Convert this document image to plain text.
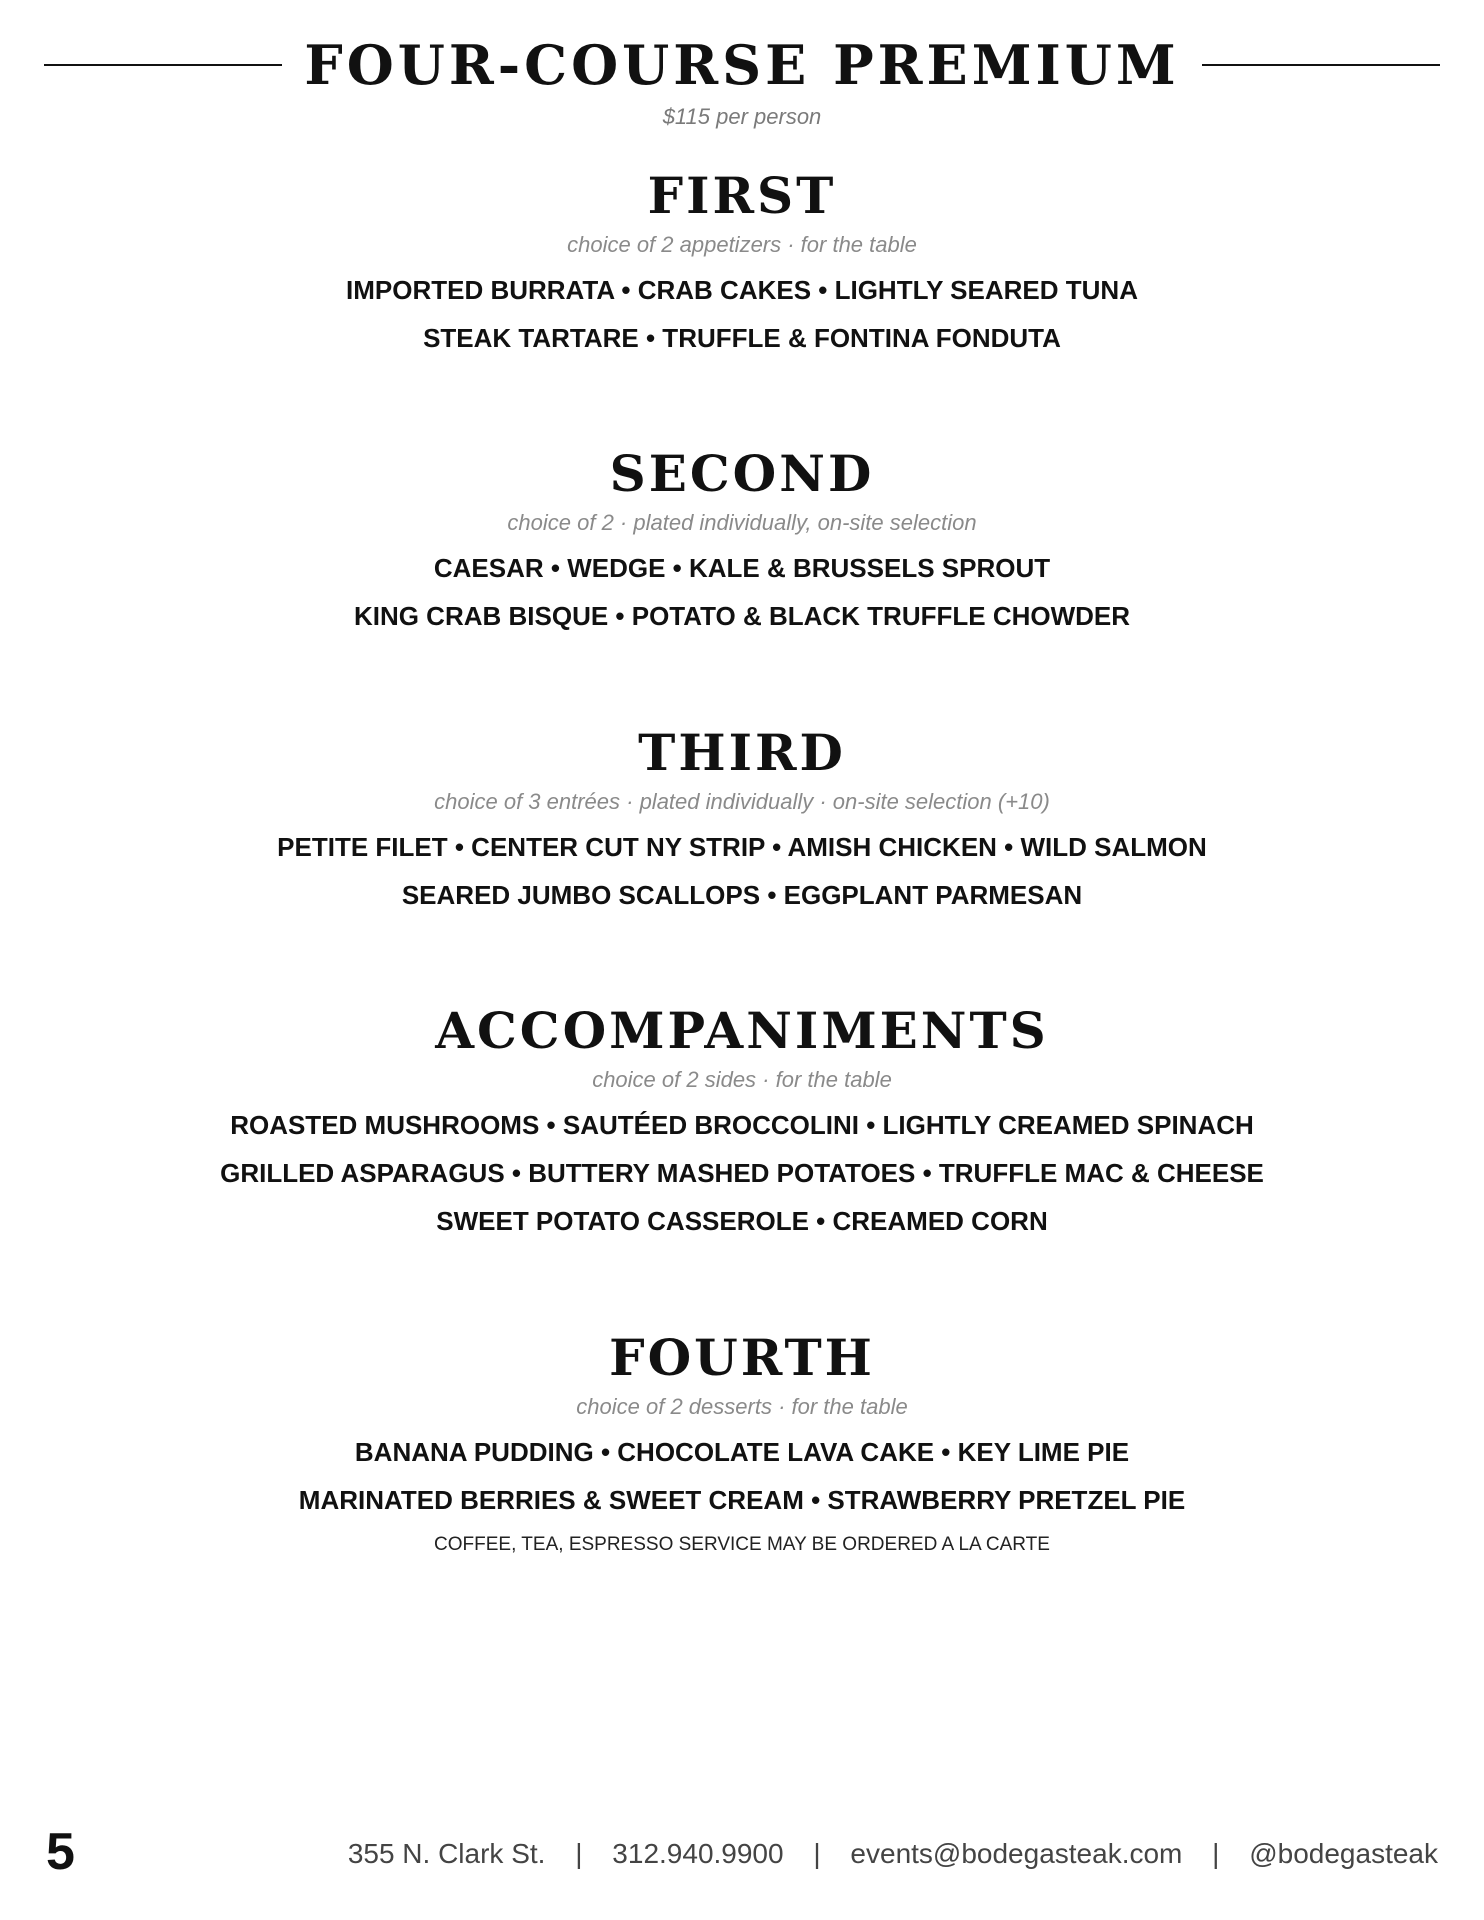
FOUR-COURSE PREMIUM
$115 per person
FIRST
choice of 2 appetizers · for the table
IMPORTED BURRATA • CRAB CAKES • LIGHTLY SEARED TUNA
STEAK TARTARE • TRUFFLE & FONTINA FONDUTA
SECOND
choice of 2 · plated individually, on-site selection
CAESAR • WEDGE • KALE & BRUSSELS SPROUT
KING CRAB BISQUE • POTATO & BLACK TRUFFLE CHOWDER
THIRD
choice of 3 entrées · plated individually · on-site selection (+10)
PETITE FILET • CENTER CUT NY STRIP • AMISH CHICKEN • WILD SALMON
SEARED JUMBO SCALLOPS • EGGPLANT PARMESAN
ACCOMPANIMENTS
choice of 2 sides · for the table
ROASTED MUSHROOMS • SAUTÉED BROCCOLINI • LIGHTLY CREAMED SPINACH
GRILLED ASPARAGUS • BUTTERY MASHED POTATOES • TRUFFLE MAC & CHEESE
SWEET POTATO CASSEROLE • CREAMED CORN
FOURTH
choice of 2 desserts · for the table
BANANA PUDDING • CHOCOLATE LAVA CAKE • KEY LIME PIE
MARINATED BERRIES & SWEET CREAM • STRAWBERRY PRETZEL PIE
COFFEE, TEA, ESPRESSO SERVICE MAY BE ORDERED A LA CARTE
5	355 N. Clark St. | 312.940.9900 | events@bodegasteak.com | @bodegasteak
